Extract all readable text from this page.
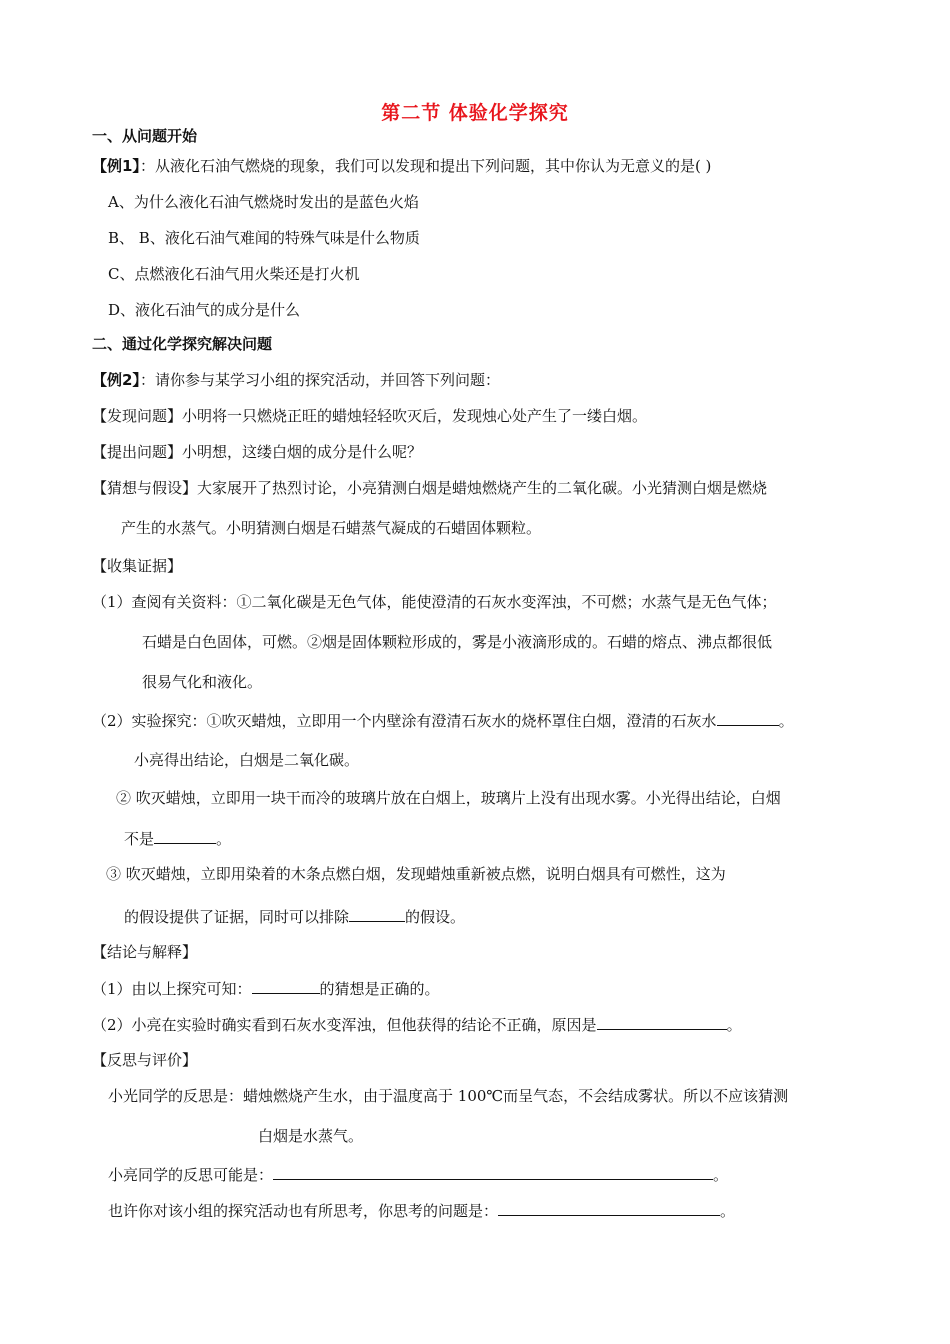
第二节 体验化学探究
一、从问题开始
【例1】：从液化石油气燃烧的现象，我们可以发现和提出下列问题，其中你认为无意义的是( )
A、为什么液化石油气燃烧时发出的是蓝色火焰
B、 B、液化石油气难闻的特殊气味是什么物质
C、点燃液化石油气用火柴还是打火机
D、液化石油气的成分是什么
二、通过化学探究解决问题
【例2】：请你参与某学习小组的探究活动，并回答下列问题：
【发现问题】小明将一只燃烧正旺的蜡烛轻轻吹灭后，发现烛心处产生了一缕白烟。
【提出问题】小明想，这缕白烟的成分是什么呢？
【猜想与假设】大家展开了热烈讨论，小亮猜测白烟是蜡烛燃烧产生的二氧化碳。小光猜测白烟是燃烧
产生的水蒸气。小明猜测白烟是石蜡蒸气凝成的石蜡固体颗粒。
【收集证据】
（1）查阅有关资料：①二氧化碳是无色气体，能使澄清的石灰水变浑浊，不可燃；水蒸气是无色气体；
石蜡是白色固体，可燃。②烟是固体颗粒形成的，雾是小液滴形成的。石蜡的熔点、沸点都很低
很易气化和液化。
（2）实验探究：①吹灭蜡烛，立即用一个内壁涂有澄清石灰水的烧杯罩住白烟，澄清的石灰水	。
小亮得出结论，白烟是二氧化碳。
② 吹灭蜡烛，立即用一块干而冷的玻璃片放在白烟上，玻璃片上没有出现水雾。小光得出结论，白烟
不是	。
③ 吹灭蜡烛，立即用染着的木条点燃白烟，发现蜡烛重新被点燃，说明白烟具有可燃性，这为
的假设提供了证据，同时可以排除	的假设。
【结论与解释】
（1）由以上探究可知：	的猜想是正确的。
（2）小亮在实验时确实看到石灰水变浑浊，但他获得的结论不正确，原因是	。
【反思与评价】
小光同学的反思是：蜡烛燃烧产生水，由于温度高于 100℃而呈气态，不会结成雾状。所以不应该猜测
白烟是水蒸气。
小亮同学的反思可能是：	。
也许你对该小组的探究活动也有所思考，你思考的问题是：	。
